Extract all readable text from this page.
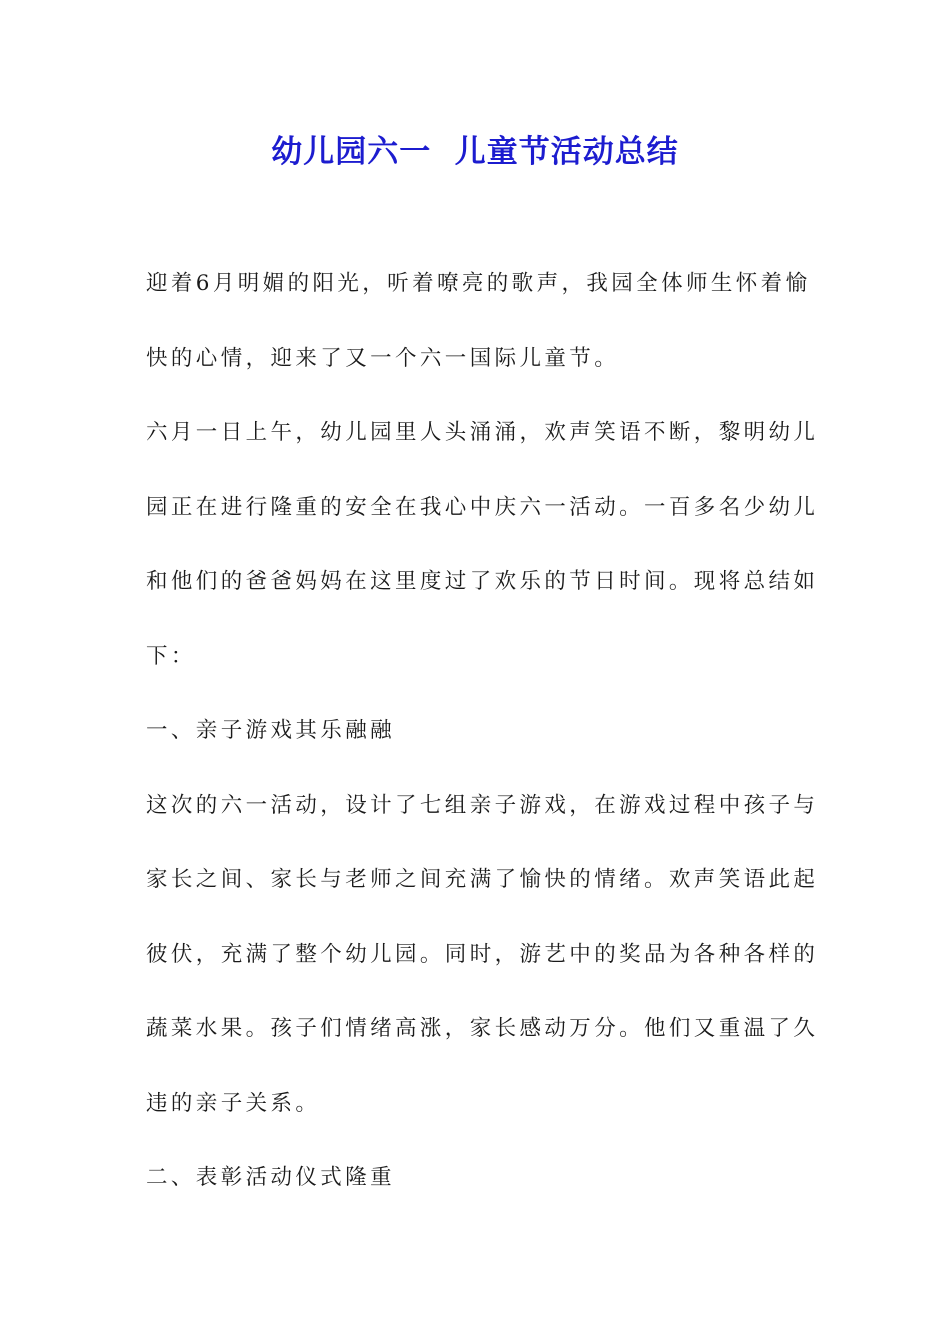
幼儿园六一  儿童节活动总结
迎着6月明媚的阳光，听着嘹亮的歌声，我园全体师生怀着愉
快的心情，迎来了又一个六一国际儿童节。
六月一日上午，幼儿园里人头涌涌，欢声笑语不断，黎明幼儿
园正在进行隆重的安全在我心中庆六一活动。一百多名少幼儿
和他们的爸爸妈妈在这里度过了欢乐的节日时间。现将总结如
下：
一、亲子游戏其乐融融
这次的六一活动，设计了七组亲子游戏，在游戏过程中孩子与
家长之间、家长与老师之间充满了愉快的情绪。欢声笑语此起
彼伏，充满了整个幼儿园。同时，游艺中的奖品为各种各样的
蔬菜水果。孩子们情绪高涨，家长感动万分。他们又重温了久
违的亲子关系。
二、表彰活动仪式隆重
